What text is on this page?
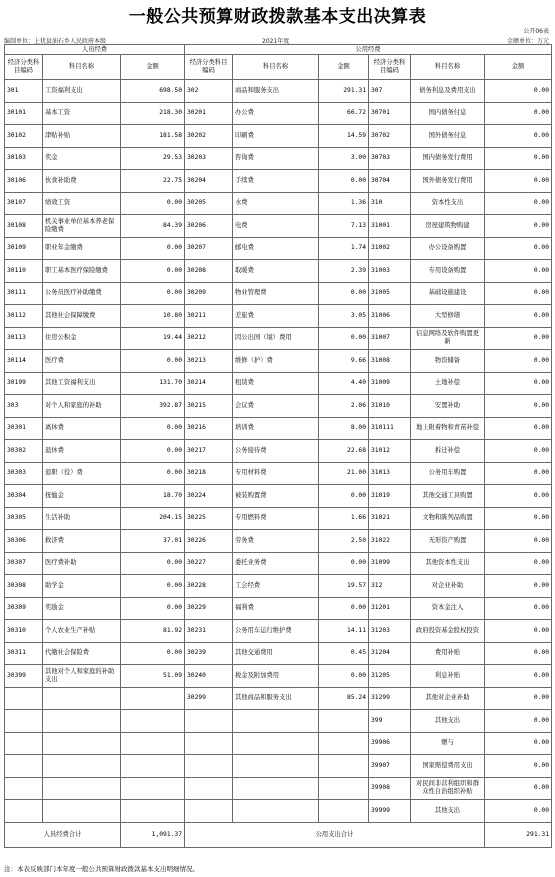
一般公共预算财政拨款基本支出决算表
公开06表
编制单位：上犹县油石乡人民政府本级	2021年度	金额单位：万元
人员经费			公用经费					
经济分类科目编码	科目名称	金额	经济分类科目编码	科目名称	金额	经济分类科目编码	科目名称	金额
301	工资福利支出	698.50	302	商品和服务支出	291.31	307	债务利息及费用支出	0.00
30101	基本工资	218.30	30201	办公费	66.72	30701	国内债务付息	0.00
30102	津贴补贴	181.58	30202	印刷费	14.59	30702	国外债务付息	0.00
30103	奖金	29.53	30203	咨询费	3.00	30703	国内债务发行费用	0.00
30106	伙食补助费	22.75	30204	手续费	0.00	30704	国外债务发行费用	0.00
30107	绩效工资	0.00	30205	水费	1.36	310	资本性支出	0.00
30108	机关事业单位基本养老保险缴费	84.39	30206	电费	7.13	31001	房屋建筑物购建	0.00
30109	职业年金缴费	0.00	30207	邮电费	1.74	31002	办公设备购置	0.00
30110	职工基本医疗保险缴费	0.00	30208	取暖费	2.39	31003	专用设备购置	0.00
30111	公务员医疗补助缴费	0.00	30209	物业管理费	0.00	31005	基础设施建设	0.00
30112	其他社会保障缴费	10.80	30211	差旅费	3.05	31006	大型修缮	0.00
30113	住房公积金	19.44	30212	因公出国（境）费用	0.00	31007	信息网络及软件购置更新	0.00
30114	医疗费	0.00	30213	维修（护）费	9.66	31008	物资储备	0.00
30199	其他工资福利支出	131.70	30214	租赁费	4.40	31009	土地补偿	0.00
303	对个人和家庭的补助	392.87	30215	会议费	2.06	31010	安置补助	0.00
30301	离休费	0.00	30216	培训费	8.00	310111	地上附着物和青苗补偿	0.00
30302	退休费	0.00	30217	公务接待费	22.68	31012	拆迁补偿	0.00
30303	退职（役）费	0.00	30218	专用材料费	21.00	31013	公务用车购置	0.00
30304	抚恤金	18.70	30224	被装购置费	0.00	31019	其他交通工具购置	0.00
30305	生活补助	204.15	30225	专用燃料费	1.66	31021	文物和陈列品购置	0.00
30306	救济费	37.01	30226	劳务费	2.50	31022	无形资产购置	0.00
30307	医疗费补助	0.00	30227	委托业务费	0.00	31099	其他资本性支出	0.00
30308	助学金	0.00	30228	工会经费	19.57	312	对企业补助	0.00
30309	奖励金	0.00	30229	福利费	0.00	31201	资本金注入	0.00
30310	个人农业生产补贴	81.92	30231	公务用车运行维护费	14.11	31203	政府投资基金股权投资	0.00
30311	代缴社会保险费	0.00	30239	其他交通费用	0.45	31204	费用补贴	0.00
30399	其他对个人和家庭的补助支出	51.09	30240	税金及附加费用	0.00	31205	利息补贴	0.00
			30299	其他商品和服务支出	85.24	31299	其他对企业补助	0.00
						399	其他支出	0.00
						39906	赠与	0.00
						39907	国家赔偿费用支出	0.00
						39908	对民间非营利组织和群众性自治组织补贴	0.00
						39999	其他支出	0.00
人员经费合计		1,091.37	公用支出合计					291.31
注：本表反映部门本年度一般公共预算财政拨款基本支出明细情况。
